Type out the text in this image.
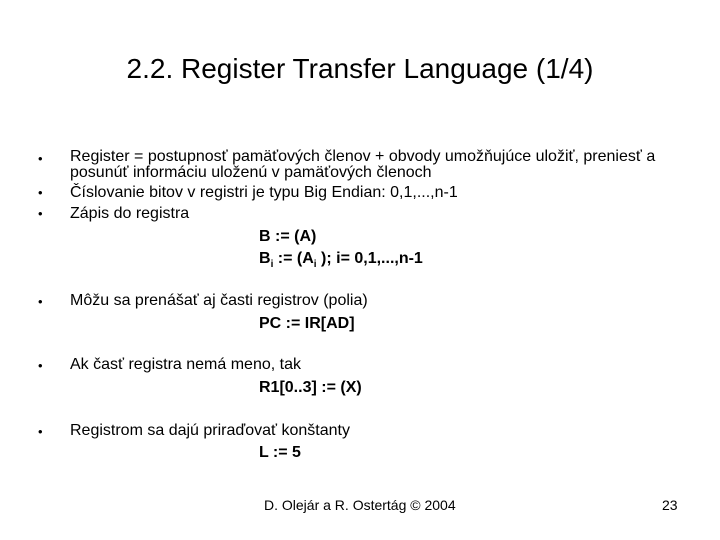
2.2. Register Transfer Language (1/4)
•
•
•
•
•
•
Register = postupnosť pamäťových členov + obvody umožňujúce uložiť, preniesť a posunúť informáciu uloženú v pamäťových členoch
Číslovanie bitov v registri je typu Big Endian: 0,1,...,n-1
Zápis do registra
Môžu sa prenášať aj časti registrov (polia)
Ak časť registra nemá meno, tak
Registrom sa dajú priraďovať konštanty
B := (A)
$B_i$ := ($A_i$ ); i= 0,1,...,n-1
PC := IR[AD]
R1[0..3] := (X)
L := 5
D. Olejár a R. Ostertág © 2004	23
